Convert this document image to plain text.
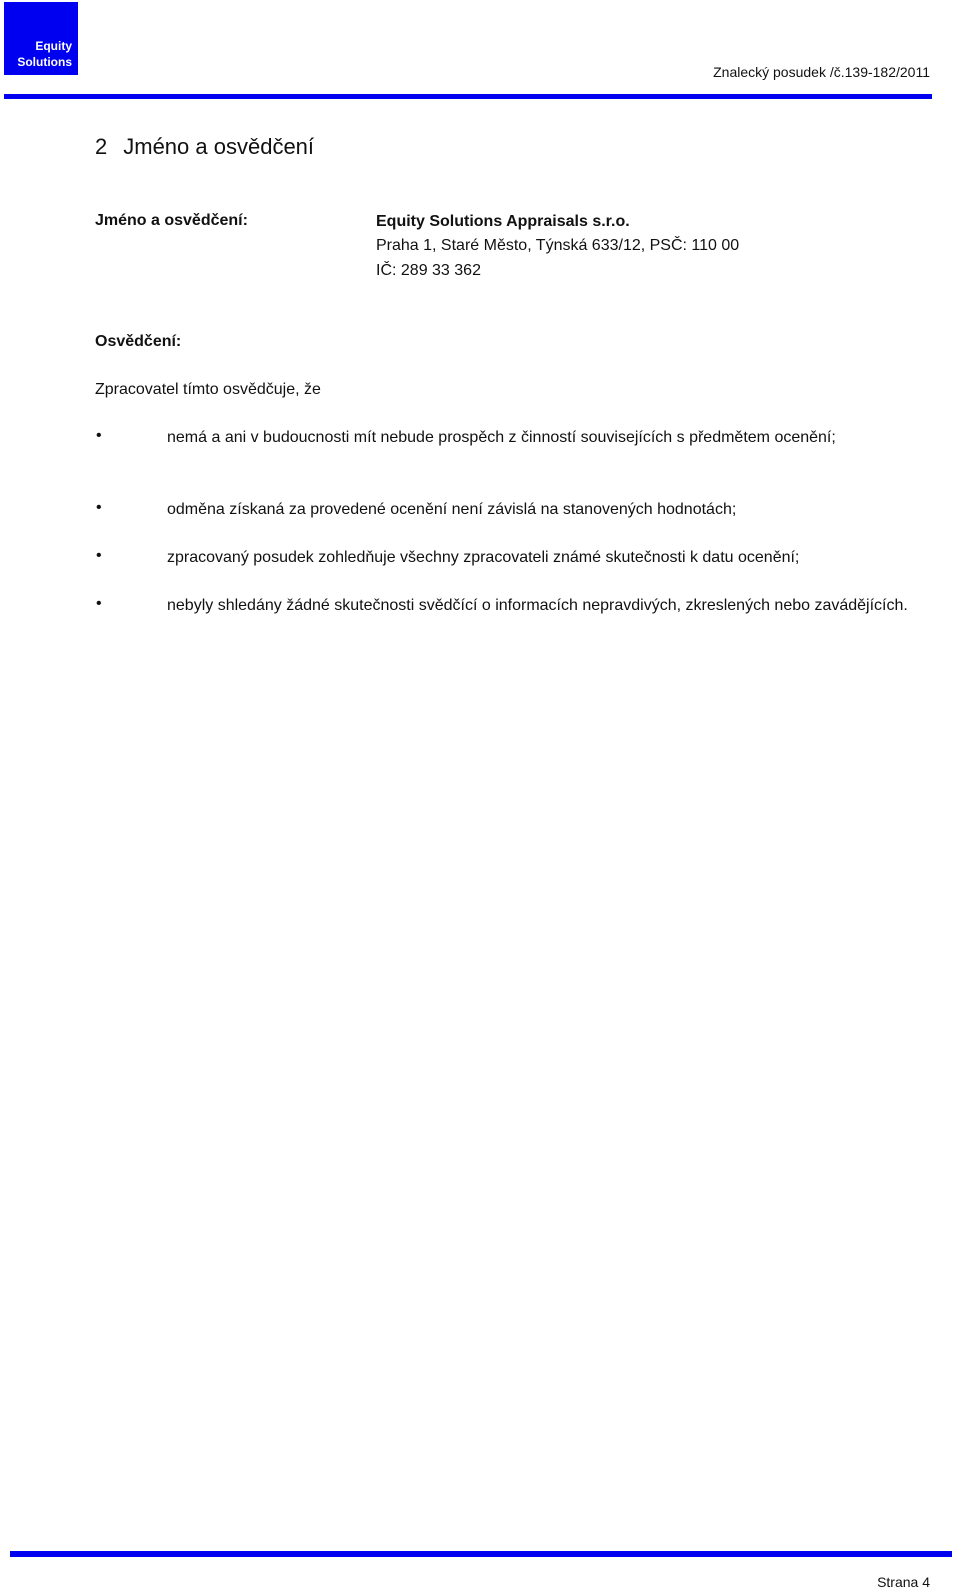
Equity
Solutions
Znalecký posudek /č.139-182/2011
2 Jméno a osvědčení
Jméno a osvědčení:	Equity Solutions Appraisals s.r.o.
Praha 1, Staré Město, Týnská 633/12, PSČ: 110 00
IČ: 289 33 362
Osvědčení:
Zpracovatel tímto osvědčuje, že
•	nemá a ani v budoucnosti mít nebude prospěch z činností souvisejících s předmětem ocenění;
•	odměna získaná za provedené ocenění není závislá na stanovených hodnotách;
•	zpracovaný posudek zohledňuje všechny zpracovateli známé skutečnosti k datu ocenění;
•	nebyly shledány žádné skutečnosti svědčící o informacích nepravdivých, zkreslených nebo zavádějících.
Strana 4
